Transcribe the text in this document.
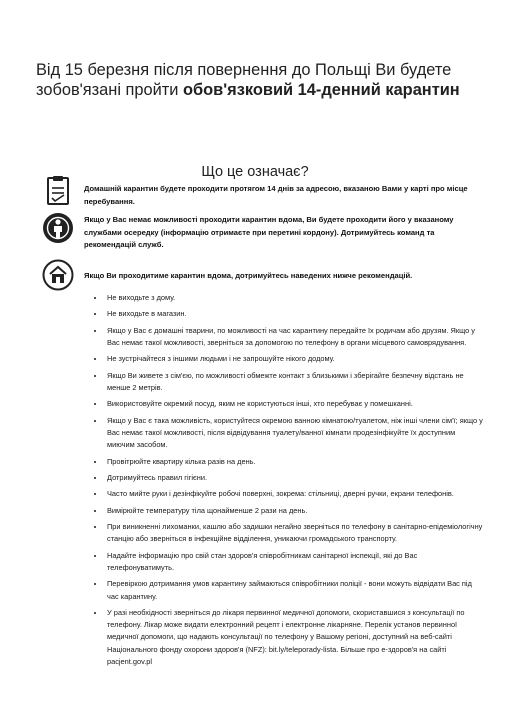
Від 15 березня після повернення до Польщі Ви будете зобов'язані пройти обов'язковий 14-денний карантин
Що це означає?
Домашній карантин будете проходити протягом 14 днів за адресою, вказаною Вами у карті про місце перебування.
Якщо у Вас немає можливості проходити карантин вдома, Ви будете проходити його у вказаному службами осередку (інформацію отримаєте при перетині кордону). Дотримуйтесь команд та рекомендацій служб.
Якщо Ви проходитиме карантин вдома, дотримуйтесь наведених нижче рекомендацій.
• Не виходьте з дому.
• Не виходьте в магазин.
• Якщо у Вас є домашні тварини, по можливості на час карантину передайте їх родичам або друзям. Якщо у Вас немає такої можливості, зверніться за допомогою по телефону в органи місцевого самоврядування.
• Не зустрічайтеся з іншими людьми і не запрошуйте нікого додому.
• Якщо Ви живете з сім'єю, по можливості обмежте контакт з близькими і зберігайте безпечну відстань не менше 2 метрів.
• Використовуйте окремий посуд, яким не користуються інші, хто перебуває у помешканні.
• Якщо у Вас є така можливість, користуйтеся окремою ванною кімнатою/туалетом, ніж інші члени сім'ї; якщо у Вас немає такої можливості, після відвідування туалету/ванної кімнати продезінфікуйте їх доступним миючим засобом.
• Провітрюйте квартиру кілька разів на день.
• Дотримуйтесь правил гігієни.
• Часто мийте руки і дезінфікуйте робочі поверхні, зокрема: стільниці, дверні ручки, екрани телефонів.
• Вимірюйте температуру тіла щонайменше 2 рази на день.
• При виникненні лихоманки, кашлю або задишки негайно зверніться по телефону в санітарно-епідеміологічну станцію або зверніться в інфекційне відділення, уникаючи громадського транспорту.
• Надайте інформацію про свій стан здоров'я співробітникам санітарної інспекції, які до Вас телефонуватимуть.
• Перевіркою дотримання умов карантину займаються співробітники поліції - вони можуть відвідати Вас під час карантину.
• У разі необхідності зверніться до лікаря первинної медичної допомоги, скориставшися з консультації по телефону. Лікар може видати електронний рецепт і електронне лікарняне. Перелік установ первинної медичної допомоги, що надають консультації по телефону у Вашому регіоні, доступний на веб-сайті Національного фонду охорони здоров'я (NFZ): bit.ly/teleporady-lista. Більше про e-здоров'я на сайті pacjent.gov.pl
